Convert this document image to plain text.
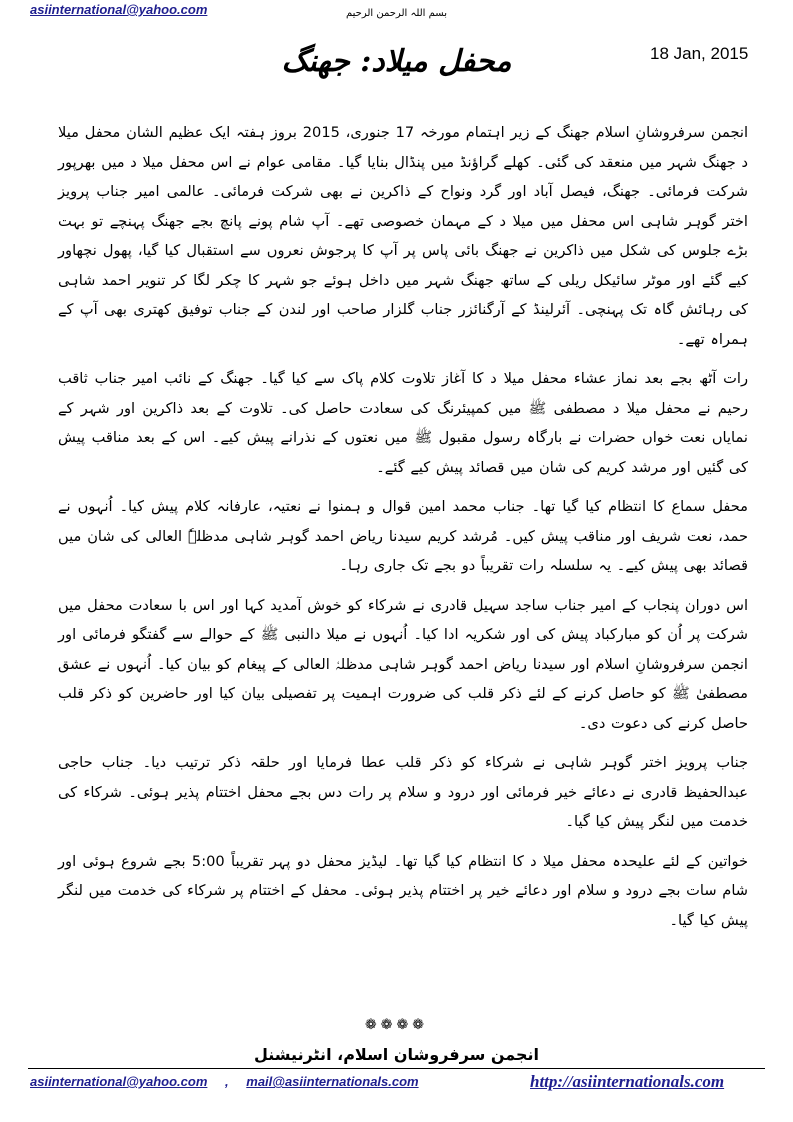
asiinternational@yahoo.com	بسم اللہ الرحمن الرحیم
محفل میلاد: جھنگ	18 Jan, 2015

انجمن سرفروشانِ اسلام جھنگ کے زیر اہتمام مورخہ 17 جنوری، 2015 بروز ہفتہ ایک عظیم الشان محفل میلا د جھنگ شہر میں منعقد کی گئی۔ کھلے گراؤنڈ میں پنڈال بنایا گیا۔ مقامی عوام نے اس محفل میلا د میں بھرپور شرکت فرمائی۔ جھنگ، فیصل آباد اور گرد ونواح کے ذاکرین نے بھی شرکت فرمائی۔ عالمی امیر جناب پرویز اختر گوہر شاہی اس محفل میں میلا د کے مہمان خصوصی تھے۔ آپ شام پونے پانچ بجے جھنگ پہنچے تو بہت بڑے جلوس کی شکل میں ذاکرین نے جھنگ بائی پاس پر آپ کا پرجوش نعروں سے استقبال کیا گیا، پھول نچھاور کیے گئے اور موٹر سائیکل ریلی کے ساتھ جھنگ شہر میں داخل ہوئے جو شہر کا چکر لگا کر تنویر احمد شاہی کی رہائش گاہ تک پہنچی۔ آئرلینڈ کے آرگنائزر جناب گلزار صاحب اور لندن کے جناب توفیق کھتری بھی آپ کے ہمراہ تھے۔

رات آٹھ بجے بعد نماز عشاء محفل میلا د کا آغاز تلاوت کلام پاک سے کیا گیا۔ جھنگ کے نائب امیر جناب ثاقب رحیم نے محفل میلا د مصطفی ﷺ میں کمپیئرنگ کی سعادت حاصل کی۔ تلاوت کے بعد ذاکرین اور شہر کے نمایاں نعت خواں حضرات نے بارگاہ رسول مقبول ﷺ میں نعتوں کے نذرانے پیش کیے۔ اس کے بعد مناقب پیش کی گئیں اور مرشد کریم کی شان میں قصائد پیش کیے گئے۔

محفل سماع کا انتظام کیا گیا تھا۔ جناب محمد امین قوال و ہمنوا نے نعتیہ، عارفانہ کلام پیش کیا۔ اُنہوں نے حمد، نعت شریف اور مناقب پیش کیں۔ مُرشد کریم سیدنا ریاض احمد گوہر شاہی مدظلہٗ العالی کی شان میں قصائد بھی پیش کیے۔ یہ سلسلہ رات تقریباً دو بجے تک جاری رہا۔

اس دوران پنجاب کے امیر جناب ساجد سہیل قادری نے شرکاء کو خوش آمدید کہا اور اس با سعادت محفل میں شرکت پر اُن کو مبارکباد پیش کی اور شکریہ ادا کیا۔ اُنہوں نے میلا دالنبی ﷺ کے حوالے سے گفتگو فرمائی اور انجمن سرفروشانِ اسلام اور سیدنا ریاض احمد گوہر شاہی مدظلہٗ العالی کے پیغام کو بیان کیا۔ اُنہوں نے عشق مصطفیٰ ﷺ کو حاصل کرنے کے لئے ذکر قلب کی ضرورت اہمیت پر تفصیلی بیان کیا اور حاضرین کو ذکر قلب حاصل کرنے کی دعوت دی۔

جناب پرویز اختر گوہر شاہی نے شرکاء کو ذکر قلب عطا فرمایا اور حلقہ ذکر ترتیب دیا۔ جناب حاجی عبدالحفیظ قادری نے دعائے خیر فرمائی اور درود و سلام پر رات دس بجے محفل اختتام پذیر ہوئی۔ شرکاء کی خدمت میں لنگر پیش کیا گیا۔

خواتین کے لئے علیحدہ محفل میلا د کا انتظام کیا گیا تھا۔ لیڈیز محفل دو پہر تقریباً 5:00 بجے شروع ہوئی اور شام سات بجے درود و سلام اور دعائے خیر پر اختتام پذیر ہوئی۔ محفل کے اختتام پر شرکاء کی خدمت میں لنگر پیش کیا گیا۔

❁❁❁❁
انجمن سرفروشان اسلام، انٹرنیشنل
asiinternational@yahoo.com , mail@asiinternationals.com	http://asiinternationals.com
